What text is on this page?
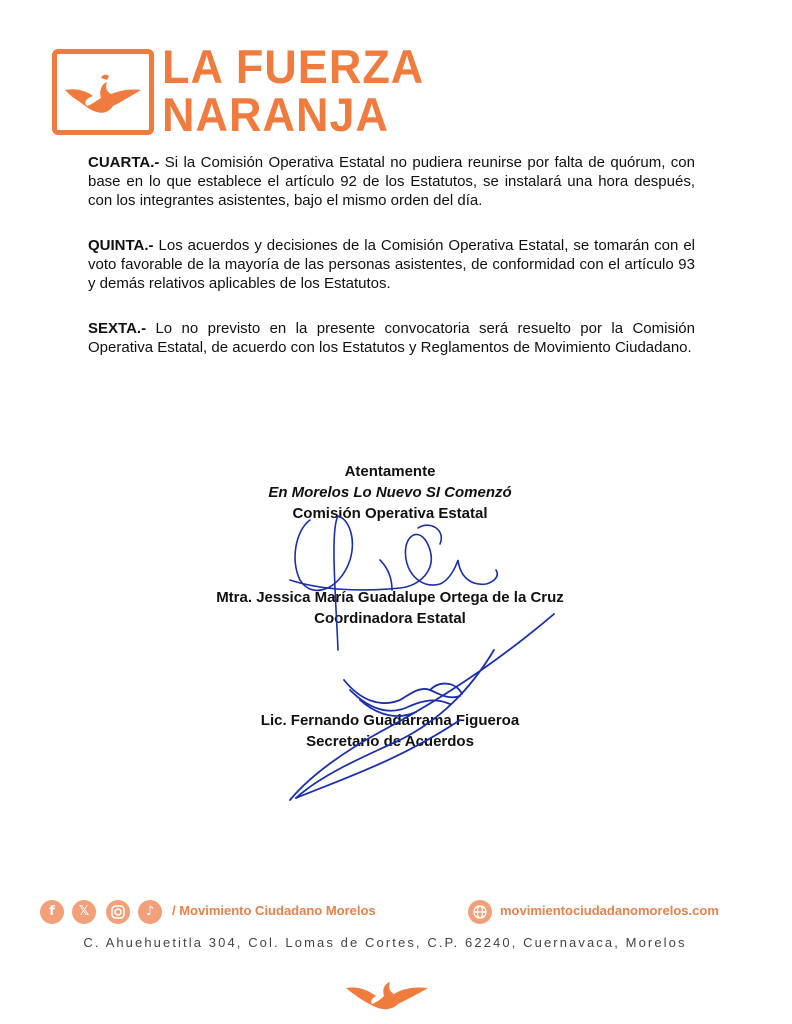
LA FUERZA
NARANJA
CUARTA.- Si la Comisión Operativa Estatal no pudiera reunirse por falta de quórum, con base en lo que establece el artículo 92 de los Estatutos, se instalará una hora después, con los integrantes asistentes, bajo el mismo orden del día.
QUINTA.- Los acuerdos y decisiones de la Comisión Operativa Estatal, se tomarán con el voto favorable de la mayoría de las personas asistentes, de conformidad con el artículo 93 y demás relativos aplicables de los Estatutos.
SEXTA.- Lo no previsto en la presente convocatoria será resuelto por la Comisión Operativa Estatal, de acuerdo con los Estatutos y Reglamentos de Movimiento Ciudadano.
Atentamente
En Morelos Lo Nuevo SI Comenzó
Comisión Operativa Estatal
Mtra. Jessica María Guadalupe Ortega de la Cruz
Coordinadora Estatal
Lic. Fernando Guadarrama Figueroa
Secretario de Acuerdos
f	𝕏	♪	/ Movimiento Ciudadano Morelos	movimientociudadanomorelos.com
C. Ahuehuetitla 304, Col. Lomas de Cortes, C.P. 62240, Cuernavaca, Morelos
